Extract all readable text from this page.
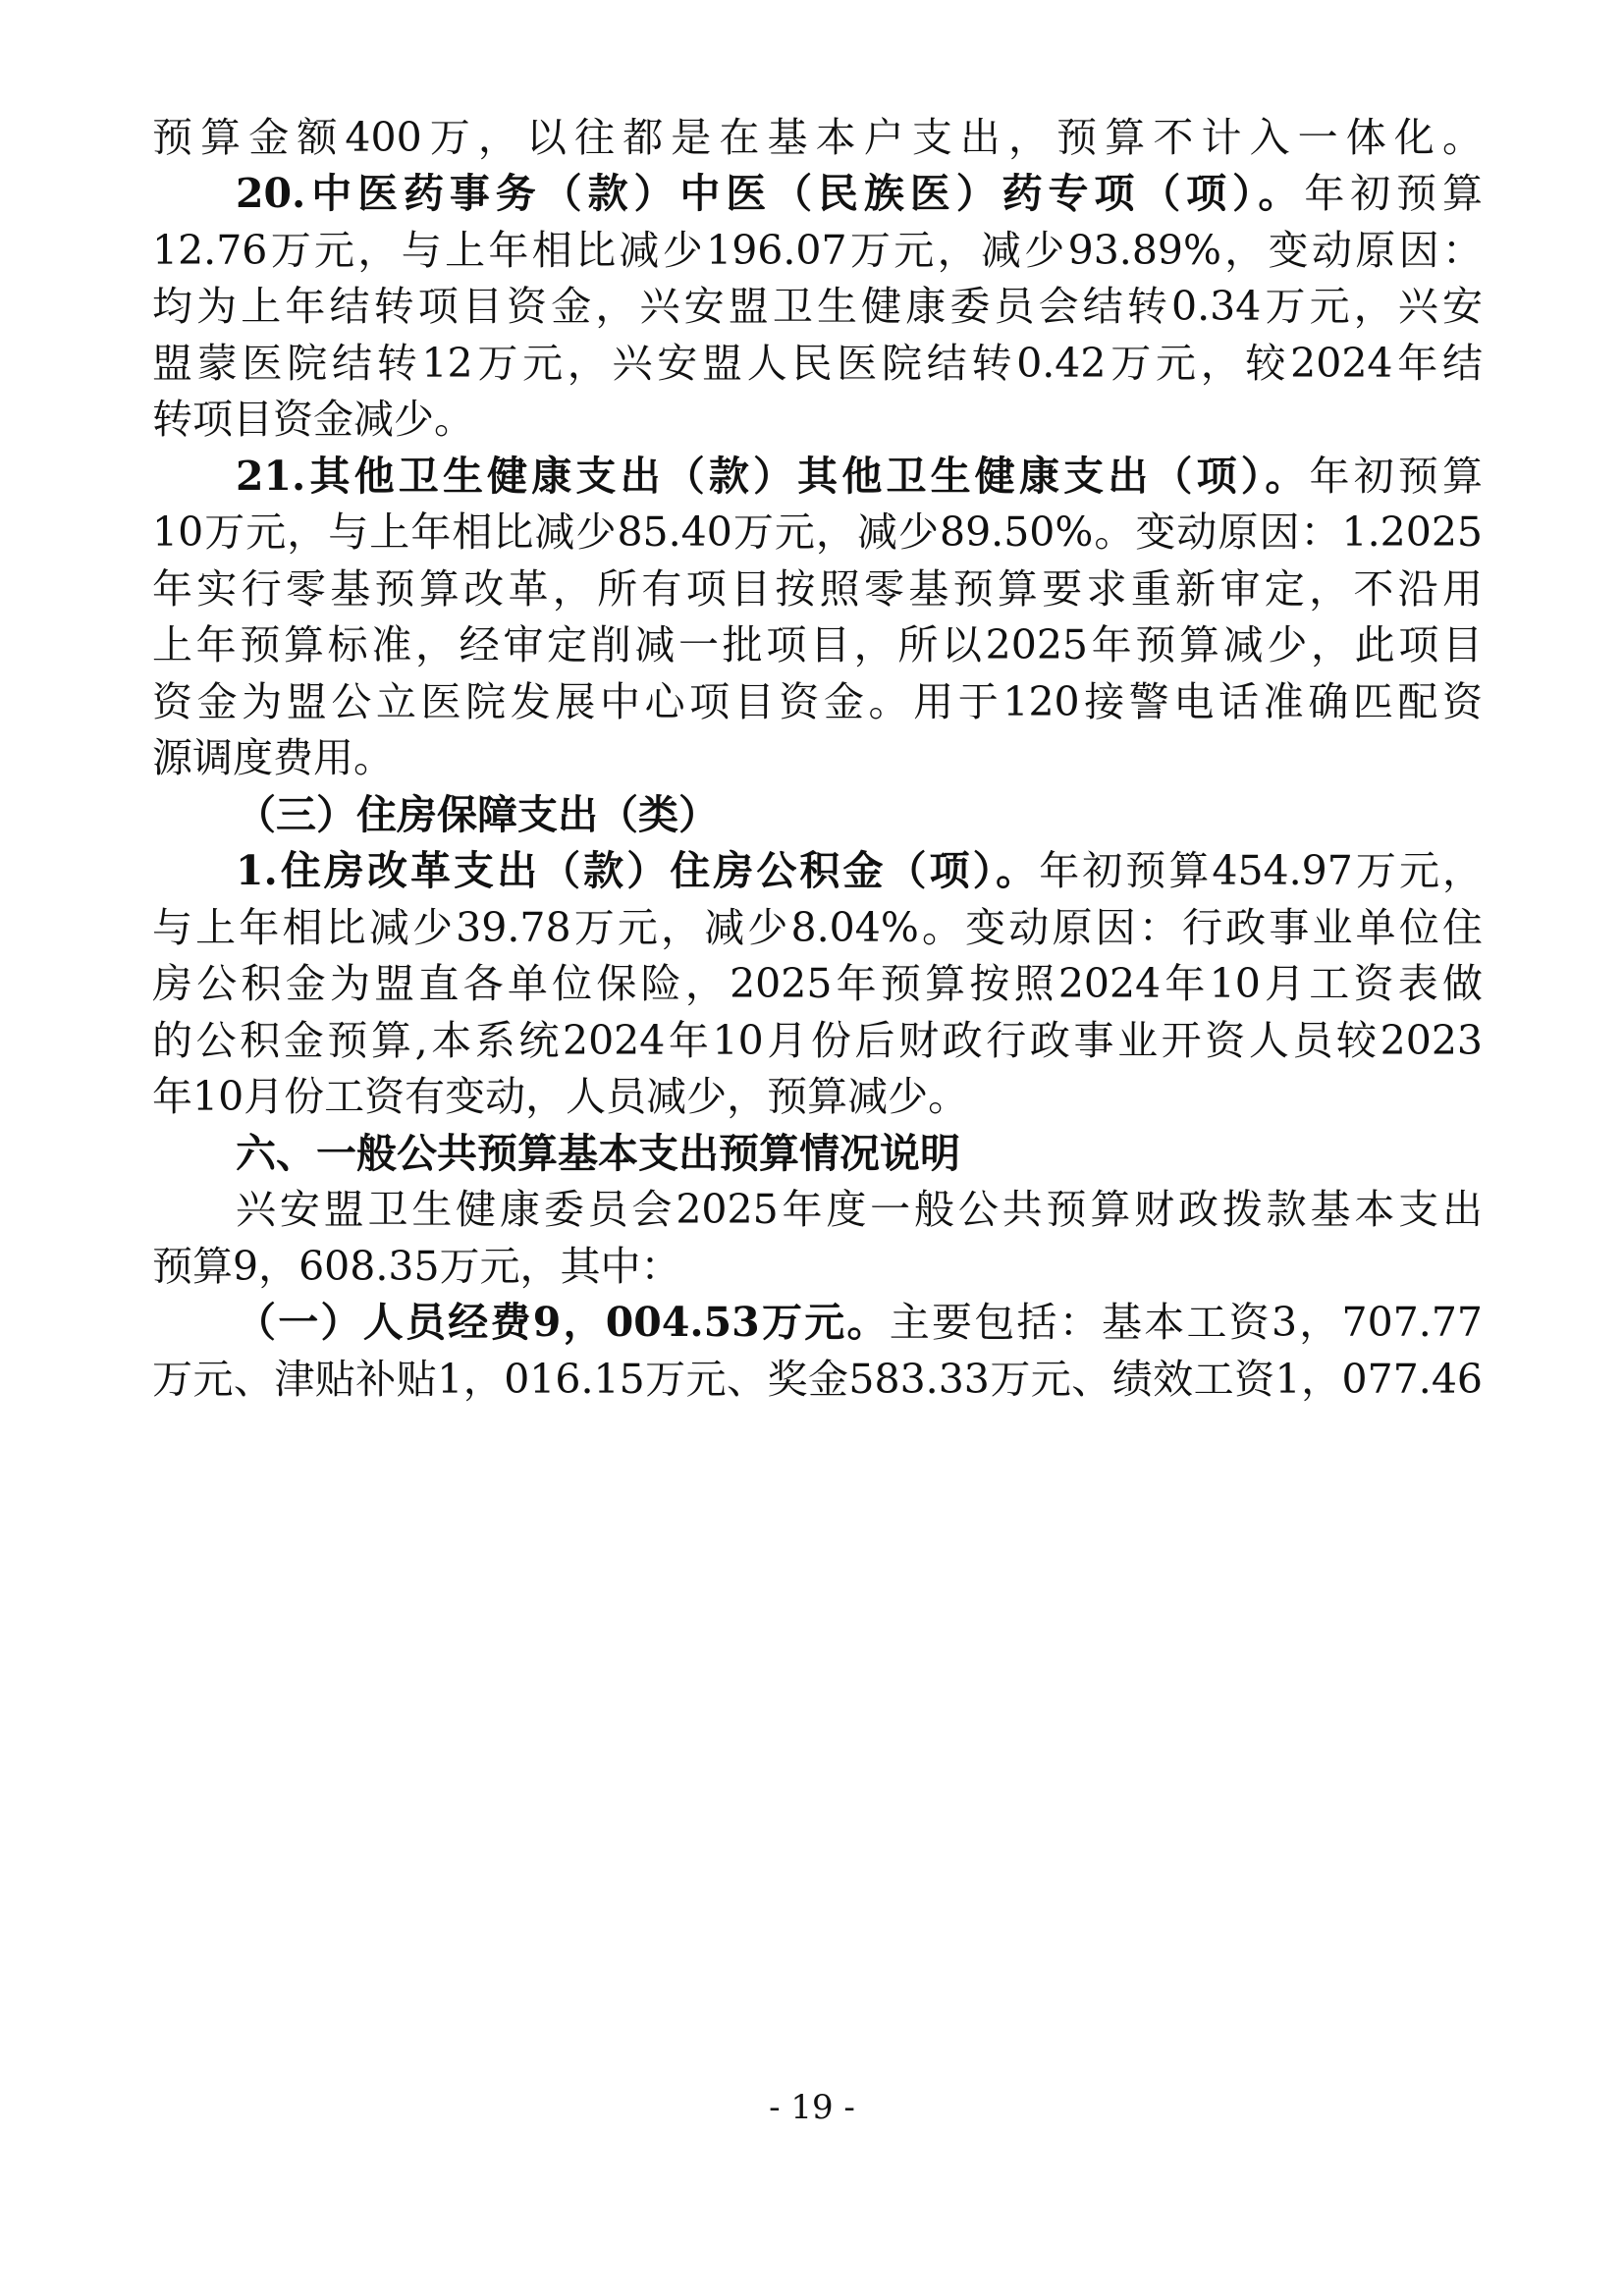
预算金额400万，以往都是在基本户支出，预算不计入一体化。

20.中医药事务（款）中医（民族医）药专项（项）。年初预算

12.76万元，与上年相比减少196.07万元，减少93.89%，变动原因：

均为上年结转项目资金，兴安盟卫生健康委员会结转0.34万元，兴安

盟蒙医院结转12万元，兴安盟人民医院结转0.42万元，较2024年结

转项目资金减少。

21.其他卫生健康支出（款）其他卫生健康支出（项）。年初预算

10万元，与上年相比减少85.40万元，减少89.50%。变动原因：1.2025

年实行零基预算改革，所有项目按照零基预算要求重新审定，不沿用

上年预算标准，经审定削减一批项目，所以2025年预算减少，此项目

资金为盟公立医院发展中心项目资金。用于120接警电话准确匹配资

源调度费用。

（三）住房保障支出（类）

1.住房改革支出（款）住房公积金（项）。年初预算454.97万元，

与上年相比减少39.78万元，减少8.04%。变动原因：行政事业单位住

房公积金为盟直各单位保险，2025年预算按照2024年10月工资表做

的公积金预算,本系统2024年10月份后财政行政事业开资人员较2023

年10月份工资有变动，人员减少，预算减少。

六、一般公共预算基本支出预算情况说明

兴安盟卫生健康委员会2025年度一般公共预算财政拨款基本支出

预算9，608.35万元，其中：

（一）人员经费9，004.53万元。主要包括：基本工资3，707.77

万元、津贴补贴1，016.15万元、奖金583.33万元、绩效工资1，077.46

- 19 -
